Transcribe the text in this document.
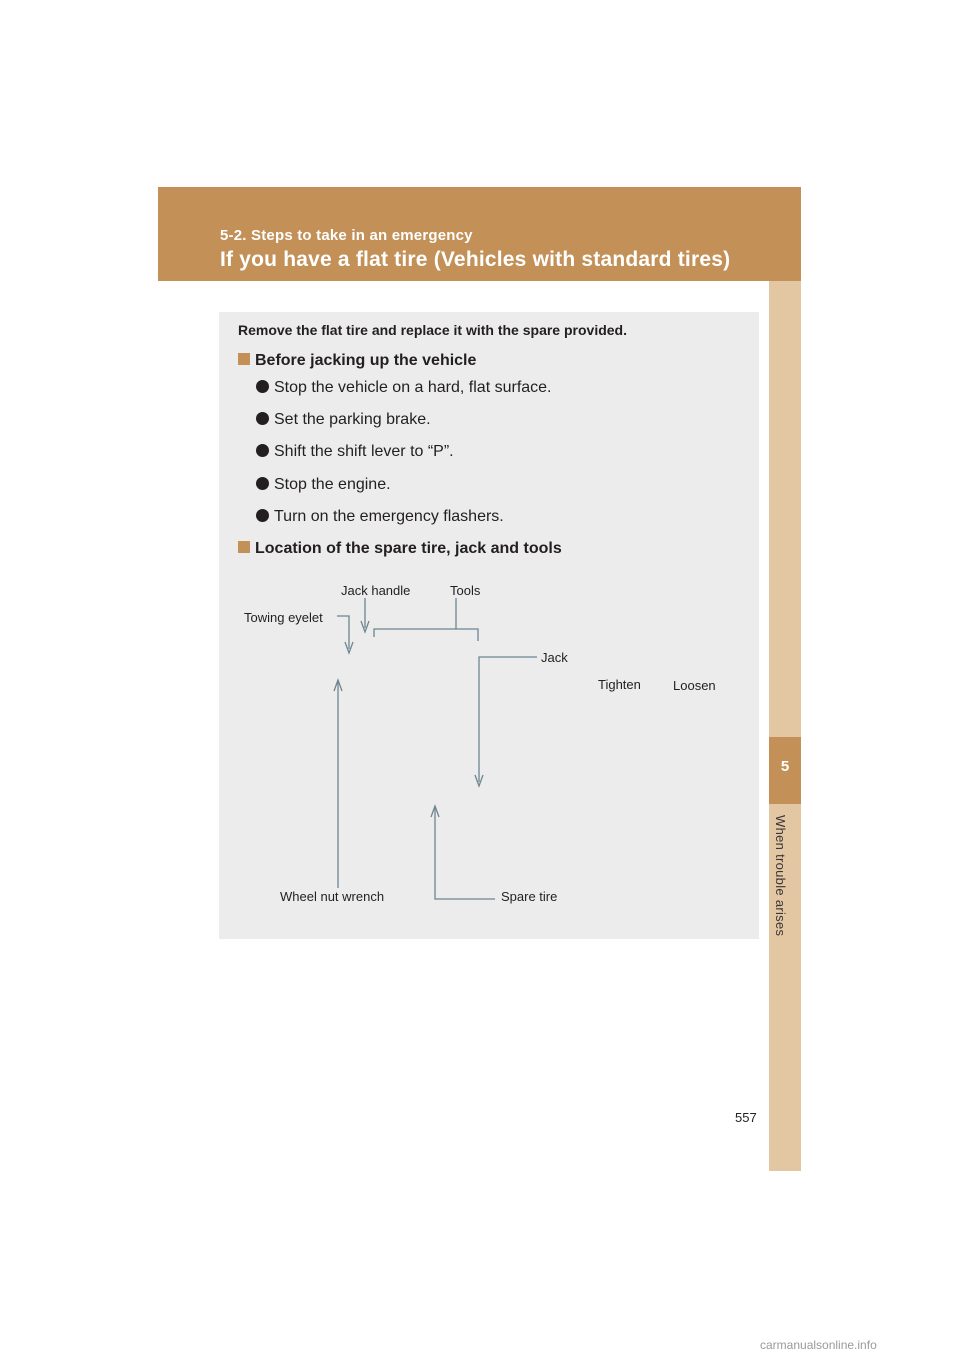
5-2. Steps to take in an emergency
If you have a flat tire (Vehicles with standard tires)
5
When trouble arises
Remove the flat tire and replace it with the spare provided.
Before jacking up the vehicle
Stop the vehicle on a hard, flat surface.
Set the parking brake.
Shift the shift lever to “P”.
Stop the engine.
Turn on the emergency flashers.
Location of the spare tire, jack and tools
Jack handle	Tools
Towing eyelet
Jack
Tighten Loosen
Wheel nut wrench	Spare tire
557
carmanualsonline.info
